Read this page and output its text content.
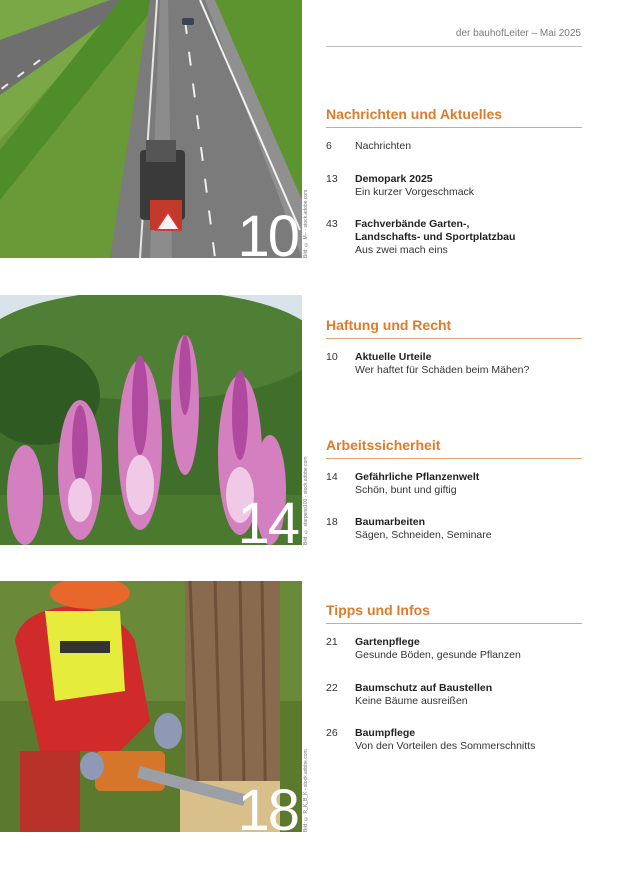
10 Bild: © M-- - stock.adobe.com
14 Bild: © starpeno100 - stock.adobe.com
18 Bild: © R_K_B_K - stock.adobe.com
der bauhofLeiter – Mai 2025
Nachrichten und Aktuelles
6	Nachrichten
13	Demopark 2025
Ein kurzer Vorgeschmack
43	Fachverbände Garten-,
Landschafts- und Sportplatzbau
Aus zwei mach eins
Haftung und Recht
10	Aktuelle Urteile
Wer haftet für Schäden beim Mähen?
Arbeitssicherheit
14	Gefährliche Pflanzenwelt
Schön, bunt und giftig
18	Baumarbeiten
Sägen, Schneiden, Seminare
Tipps und Infos
21	Gartenpflege
Gesunde Böden, gesunde Pflanzen
22	Baumschutz auf Baustellen
Keine Bäume ausreißen
26	Baumpflege
Von den Vorteilen des Sommerschnitts
